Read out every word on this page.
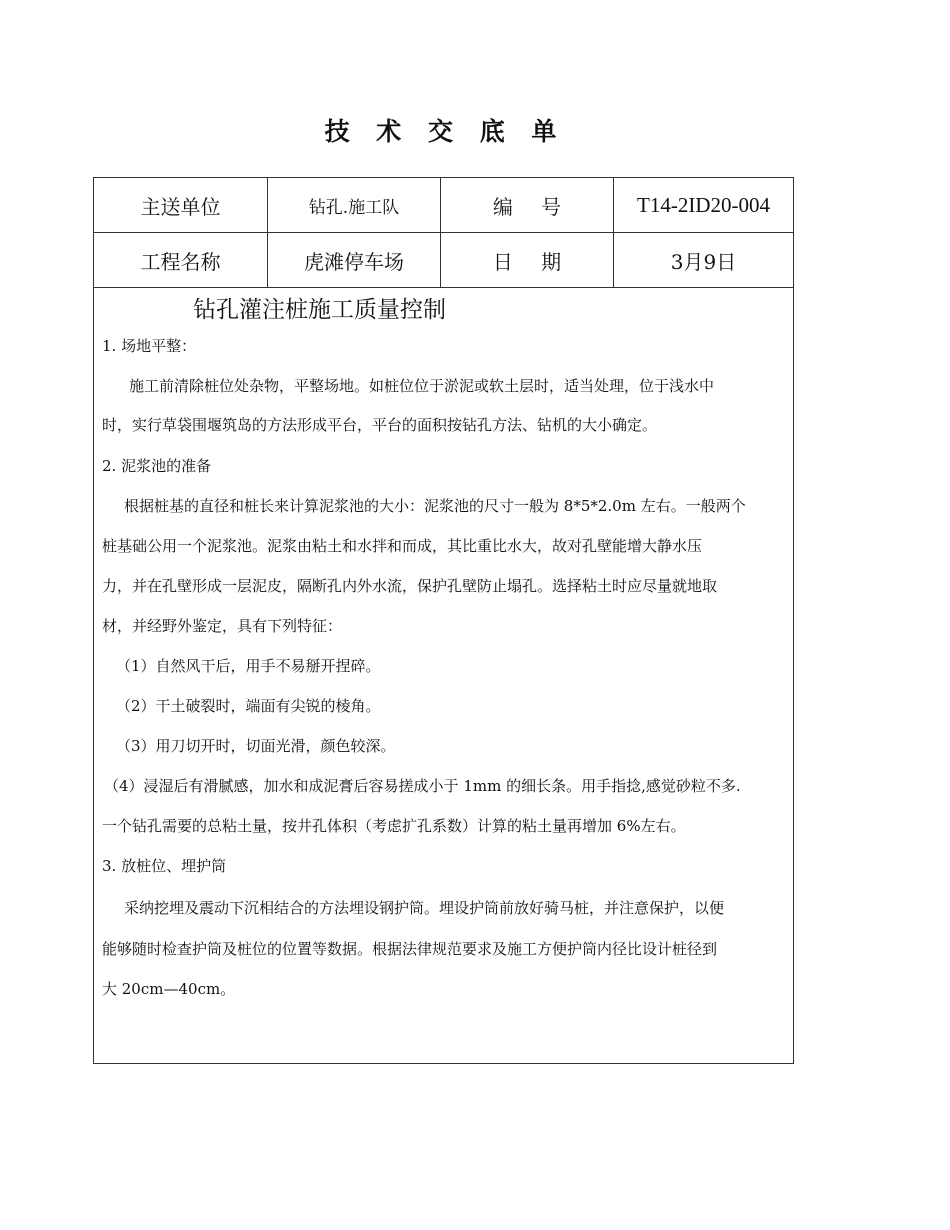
技 术 交 底 单
主送单位	钻孔.施工队	编 号	T14-2ID20-004
工程名称	虎滩停车场	日 期	3月9日
钻孔灌注桩施工质量控制
1. 场地平整：
施工前清除桩位处杂物，平整场地。如桩位位于淤泥或软土层时，适当处理，位于浅水中
时，实行草袋围堰筑岛的方法形成平台，平台的面积按钻孔方法、钻机的大小确定。
2. 泥浆池的准备
根据桩基的直径和桩长来计算泥浆池的大小：泥浆池的尺寸一般为 8*5*2.0m 左右。一般两个
桩基础公用一个泥浆池。泥浆由粘土和水拌和而成，其比重比水大，故对孔壁能增大静水压
力，并在孔壁形成一层泥皮，隔断孔内外水流，保护孔壁防止塌孔。选择粘土时应尽量就地取
材，并经野外鉴定，具有下列特征：
（1）自然风干后，用手不易掰开捏碎。
（2）干土破裂时，端面有尖锐的棱角。
（3）用刀切开时，切面光滑，颜色较深。
（4）浸湿后有滑腻感，加水和成泥膏后容易搓成小于 1mm 的细长条。用手指捻,感觉砂粒不多.
一个钻孔需要的总粘土量，按井孔体积（考虑扩孔系数）计算的粘土量再增加 6%左右。
3. 放桩位、埋护筒
采纳挖埋及震动下沉相结合的方法埋设钢护筒。埋设护筒前放好骑马桩，并注意保护，以便
能够随时检查护筒及桩位的位置等数据。根据法律规范要求及施工方便护筒内径比设计桩径到
大 20cm—40cm。
